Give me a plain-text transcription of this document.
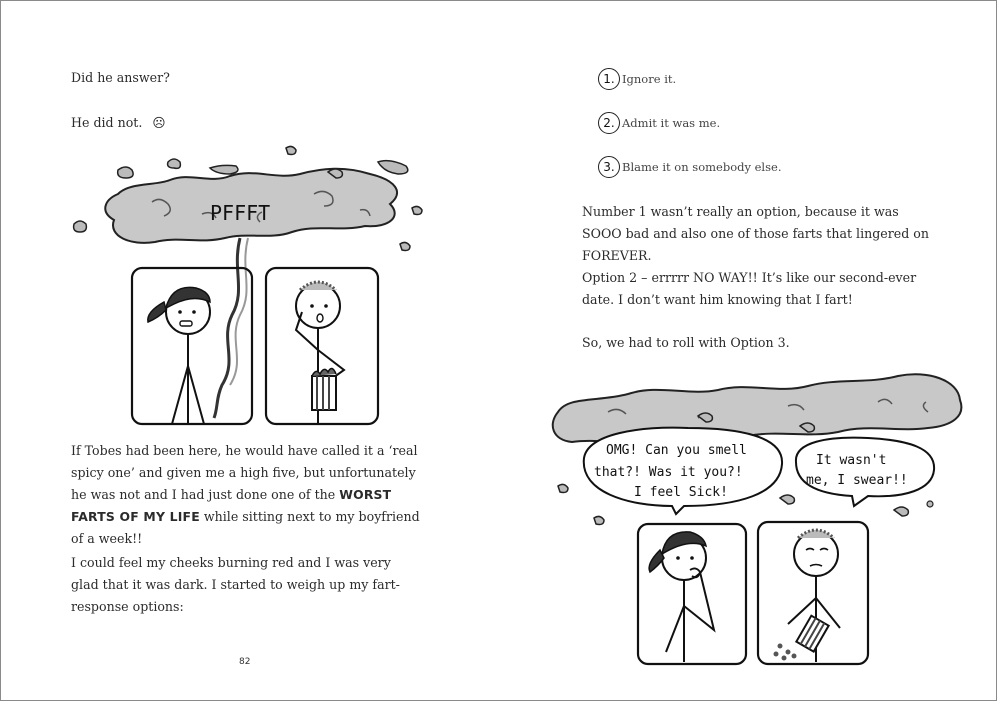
Did he answer?

He did not. ☹

PFFFT

If Tobes had been here, he would have called it a ‘real spicy one’ and given me a high five, but unfortunately he was not and I had just done one of the WORST FARTS OF MY LIFE while sitting next to my boyfriend of a week!!

I could feel my cheeks burning red and I was very glad that it was dark. I started to weigh up my fart-response options:

82
1. Ignore it.
2. Admit it was me.
3. Blame it on somebody else.

Number 1 wasn’t really an option, because it was SOOO bad and also one of those farts that lingered on FOREVER.

Option 2 – errrrr NO WAY!! It’s like our second-ever date. I don’t want him knowing that I fart!

So, we had to roll with Option 3.

OMG! Can you smell
that?! Was it you?!
I feel Sick!
It wasn't
me, I swear!!
